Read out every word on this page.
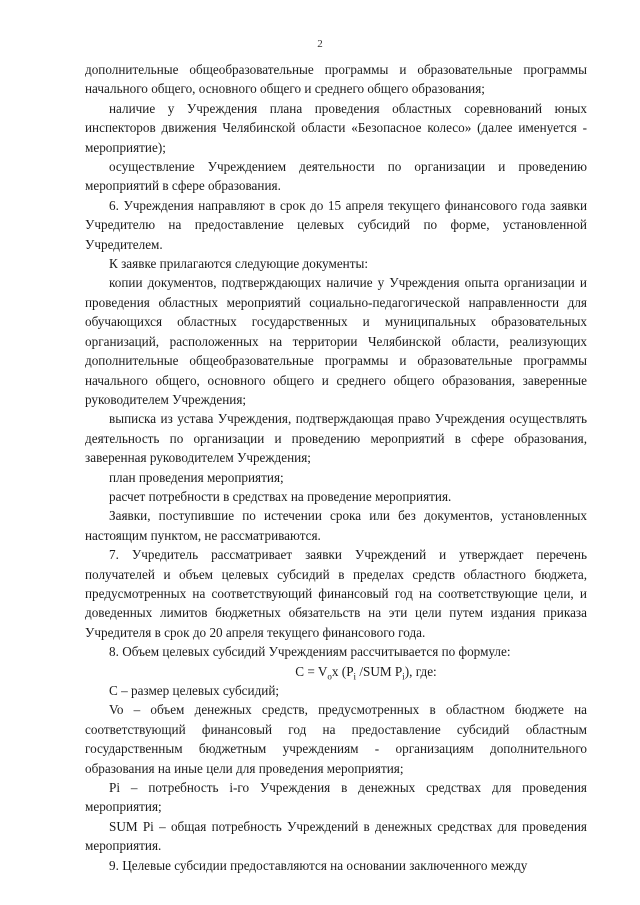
2

дополнительные общеобразовательные программы и образовательные программы начального общего, основного общего и среднего общего образования;

наличие у Учреждения плана проведения областных соревнований юных инспекторов движения Челябинской области «Безопасное колесо» (далее именуется - мероприятие);

осуществление Учреждением деятельности по организации и проведению мероприятий в сфере образования.

6. Учреждения направляют в срок до 15 апреля текущего финансового года заявки Учредителю на предоставление целевых субсидий по форме, установленной Учредителем.

К заявке прилагаются следующие документы:

копии документов, подтверждающих наличие у Учреждения опыта организации и проведения областных мероприятий социально-педагогической направленности для обучающихся областных государственных и муниципальных образовательных организаций, расположенных на территории Челябинской области, реализующих дополнительные общеобразовательные программы и образовательные программы начального общего, основного общего и среднего общего образования, заверенные руководителем Учреждения;

выписка из устава Учреждения, подтверждающая право Учреждения осуществлять деятельность по организации и проведению мероприятий в сфере образования, заверенная руководителем Учреждения;

план проведения мероприятия;

расчет потребности в средствах на проведение мероприятия.

Заявки, поступившие по истечении срока или без документов, установленных настоящим пунктом, не рассматриваются.

7. Учредитель рассматривает заявки Учреждений и утверждает перечень получателей и объем целевых субсидий в пределах средств областного бюджета, предусмотренных на соответствующий финансовый год на соответствующие цели, и доведенных лимитов бюджетных обязательств на эти цели путем издания приказа Учредителя в срок до 20 апреля текущего финансового года.

8. Объем целевых субсидий Учреждениям рассчитывается по формуле:

$C = V_ox$ ($P_i$ /SUM $P_i$), где:

C – размер целевых субсидий;

Vo – объем денежных средств, предусмотренных в областном бюджете на соответствующий финансовый год на предоставление субсидий областным государственным бюджетным учреждениям - организациям дополнительного образования на иные цели для проведения мероприятия;

Pi – потребность i-го Учреждения в денежных средствах для проведения мероприятия;

SUM Pi – общая потребность Учреждений в денежных средствах для проведения мероприятия.

9. Целевые субсидии предоставляются на основании заключенного между
